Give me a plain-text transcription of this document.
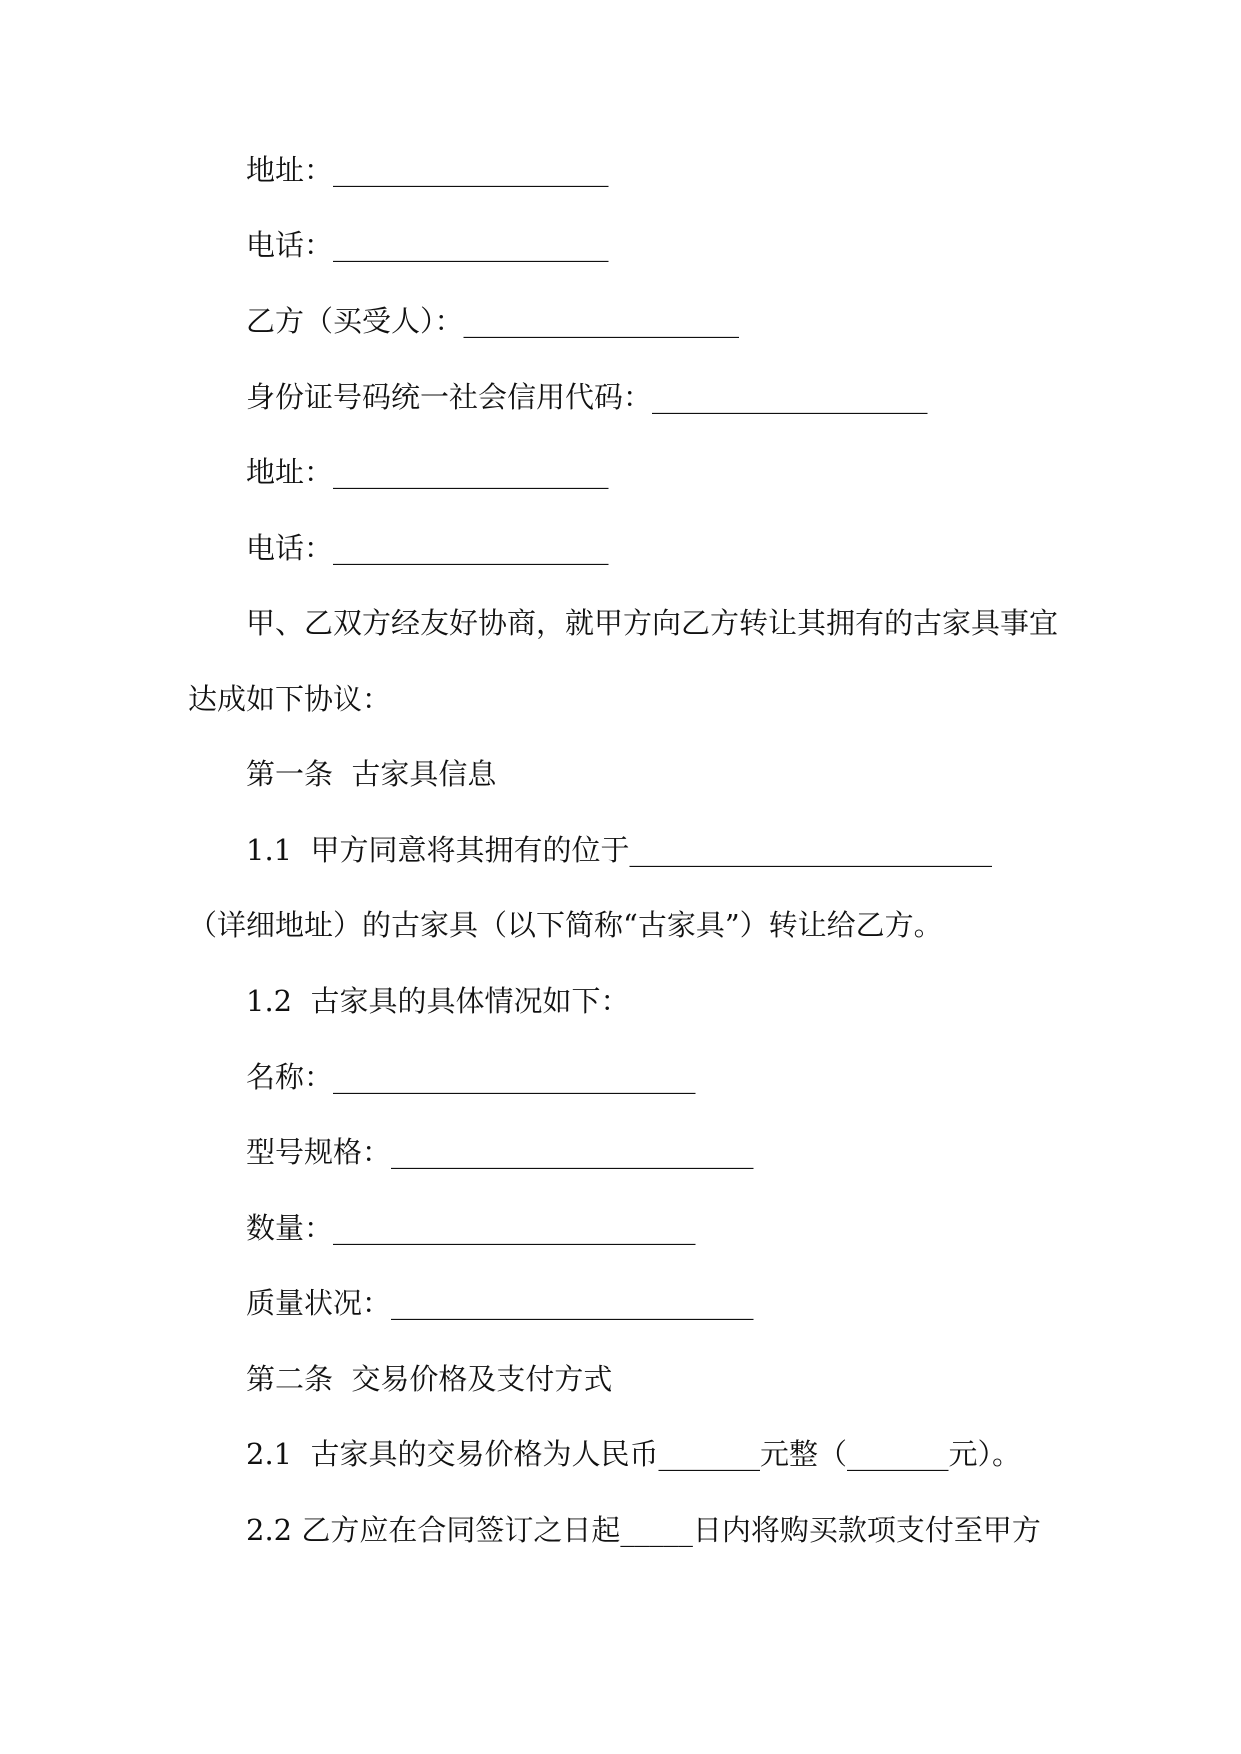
地址：___________________
电话：___________________
乙方（买受人）：___________________
身份证号码统一社会信用代码：___________________
地址：___________________
电话：___________________
甲、乙双方经友好协商，就甲方向乙方转让其拥有的古家具事宜
达成如下协议：
第一条  古家具信息
1.1  甲方同意将其拥有的位于_________________________
（详细地址）的古家具（以下简称“古家具”）转让给乙方。
1.2  古家具的具体情况如下：
名称：_________________________
型号规格：_________________________
数量：_________________________
质量状况：_________________________
第二条  交易价格及支付方式
2.1  古家具的交易价格为人民币_______元整（_______元）。
2.2 乙方应在合同签订之日起_____日内将购买款项支付至甲方
